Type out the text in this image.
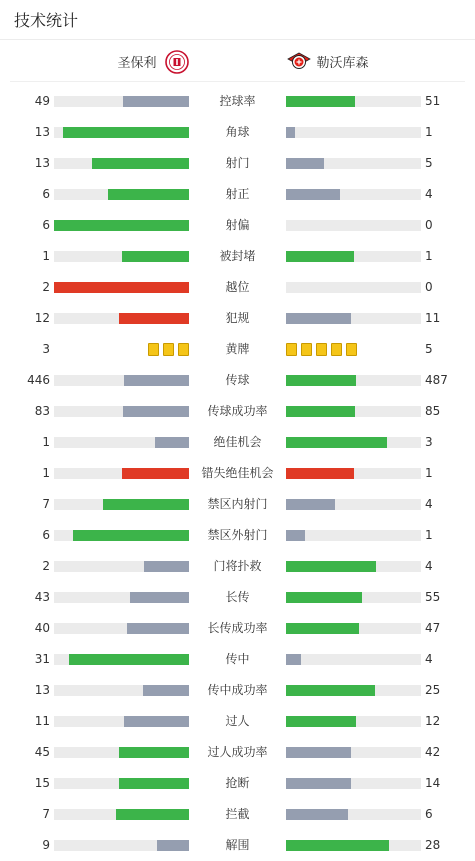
技术统计
圣保利	勒沃库森
49	控球率	51
13	角球	1
13	射门	5
6	射正	4
6	射偏	0
1	被封堵	1
2	越位	0
12	犯规	11
3	黄牌	5
446	传球	487
83	传球成功率	85
1	绝佳机会	3
1	错失绝佳机会	1
7	禁区内射门	4
6	禁区外射门	1
2	门将扑救	4
43	长传	55
40	长传成功率	47
31	传中	4
13	传中成功率	25
11	过人	12
45	过人成功率	42
15	抢断	14
7	拦截	6
9	解围	28
